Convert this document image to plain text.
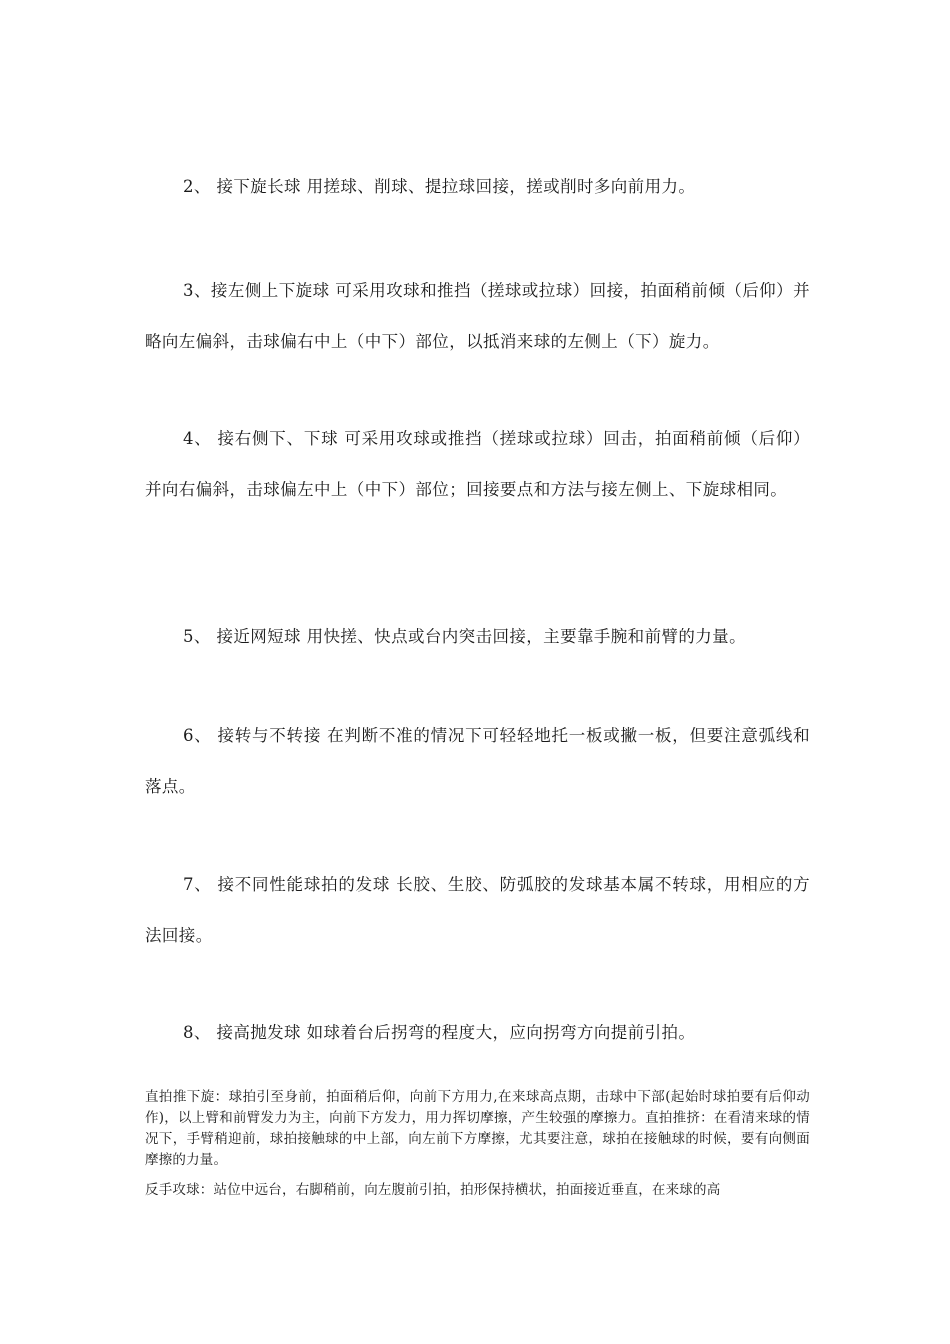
2、 接下旋长球 用搓球、削球、提拉球回接，搓或削时多向前用力。

3、接左侧上下旋球 可采用攻球和推挡（搓球或拉球）回接，拍面稍前倾（后仰）并略向左偏斜，击球偏右中上（中下）部位，以抵消来球的左侧上（下）旋力。

4、 接右侧下、下球 可采用攻球或推挡（搓球或拉球）回击，拍面稍前倾（后仰）并向右偏斜，击球偏左中上（中下）部位；回接要点和方法与接左侧上、下旋球相同。

5、 接近网短球 用快搓、快点或台内突击回接，主要靠手腕和前臂的力量。

6、 接转与不转接 在判断不准的情况下可轻轻地托一板或撇一板，但要注意弧线和落点。

7、 接不同性能球拍的发球 长胶、生胶、防弧胶的发球基本属不转球，用相应的方法回接。

8、 接高抛发球 如球着台后拐弯的程度大，应向拐弯方向提前引拍。

直拍推下旋：球拍引至身前，拍面稍后仰，向前下方用力,在来球高点期，击球中下部(起始时球拍要有后仰动作)，以上臂和前臂发力为主，向前下方发力，用力挥切摩擦，产生较强的摩擦力。直拍推挤：在看清来球的情况下，手臂稍迎前，球拍接触球的中上部，向左前下方摩擦，尤其要注意，球拍在接触球的时候，要有向侧面摩擦的力量。

反手攻球：站位中远台，右脚稍前，向左腹前引拍，拍形保持横状，拍面接近垂直，在来球的高
